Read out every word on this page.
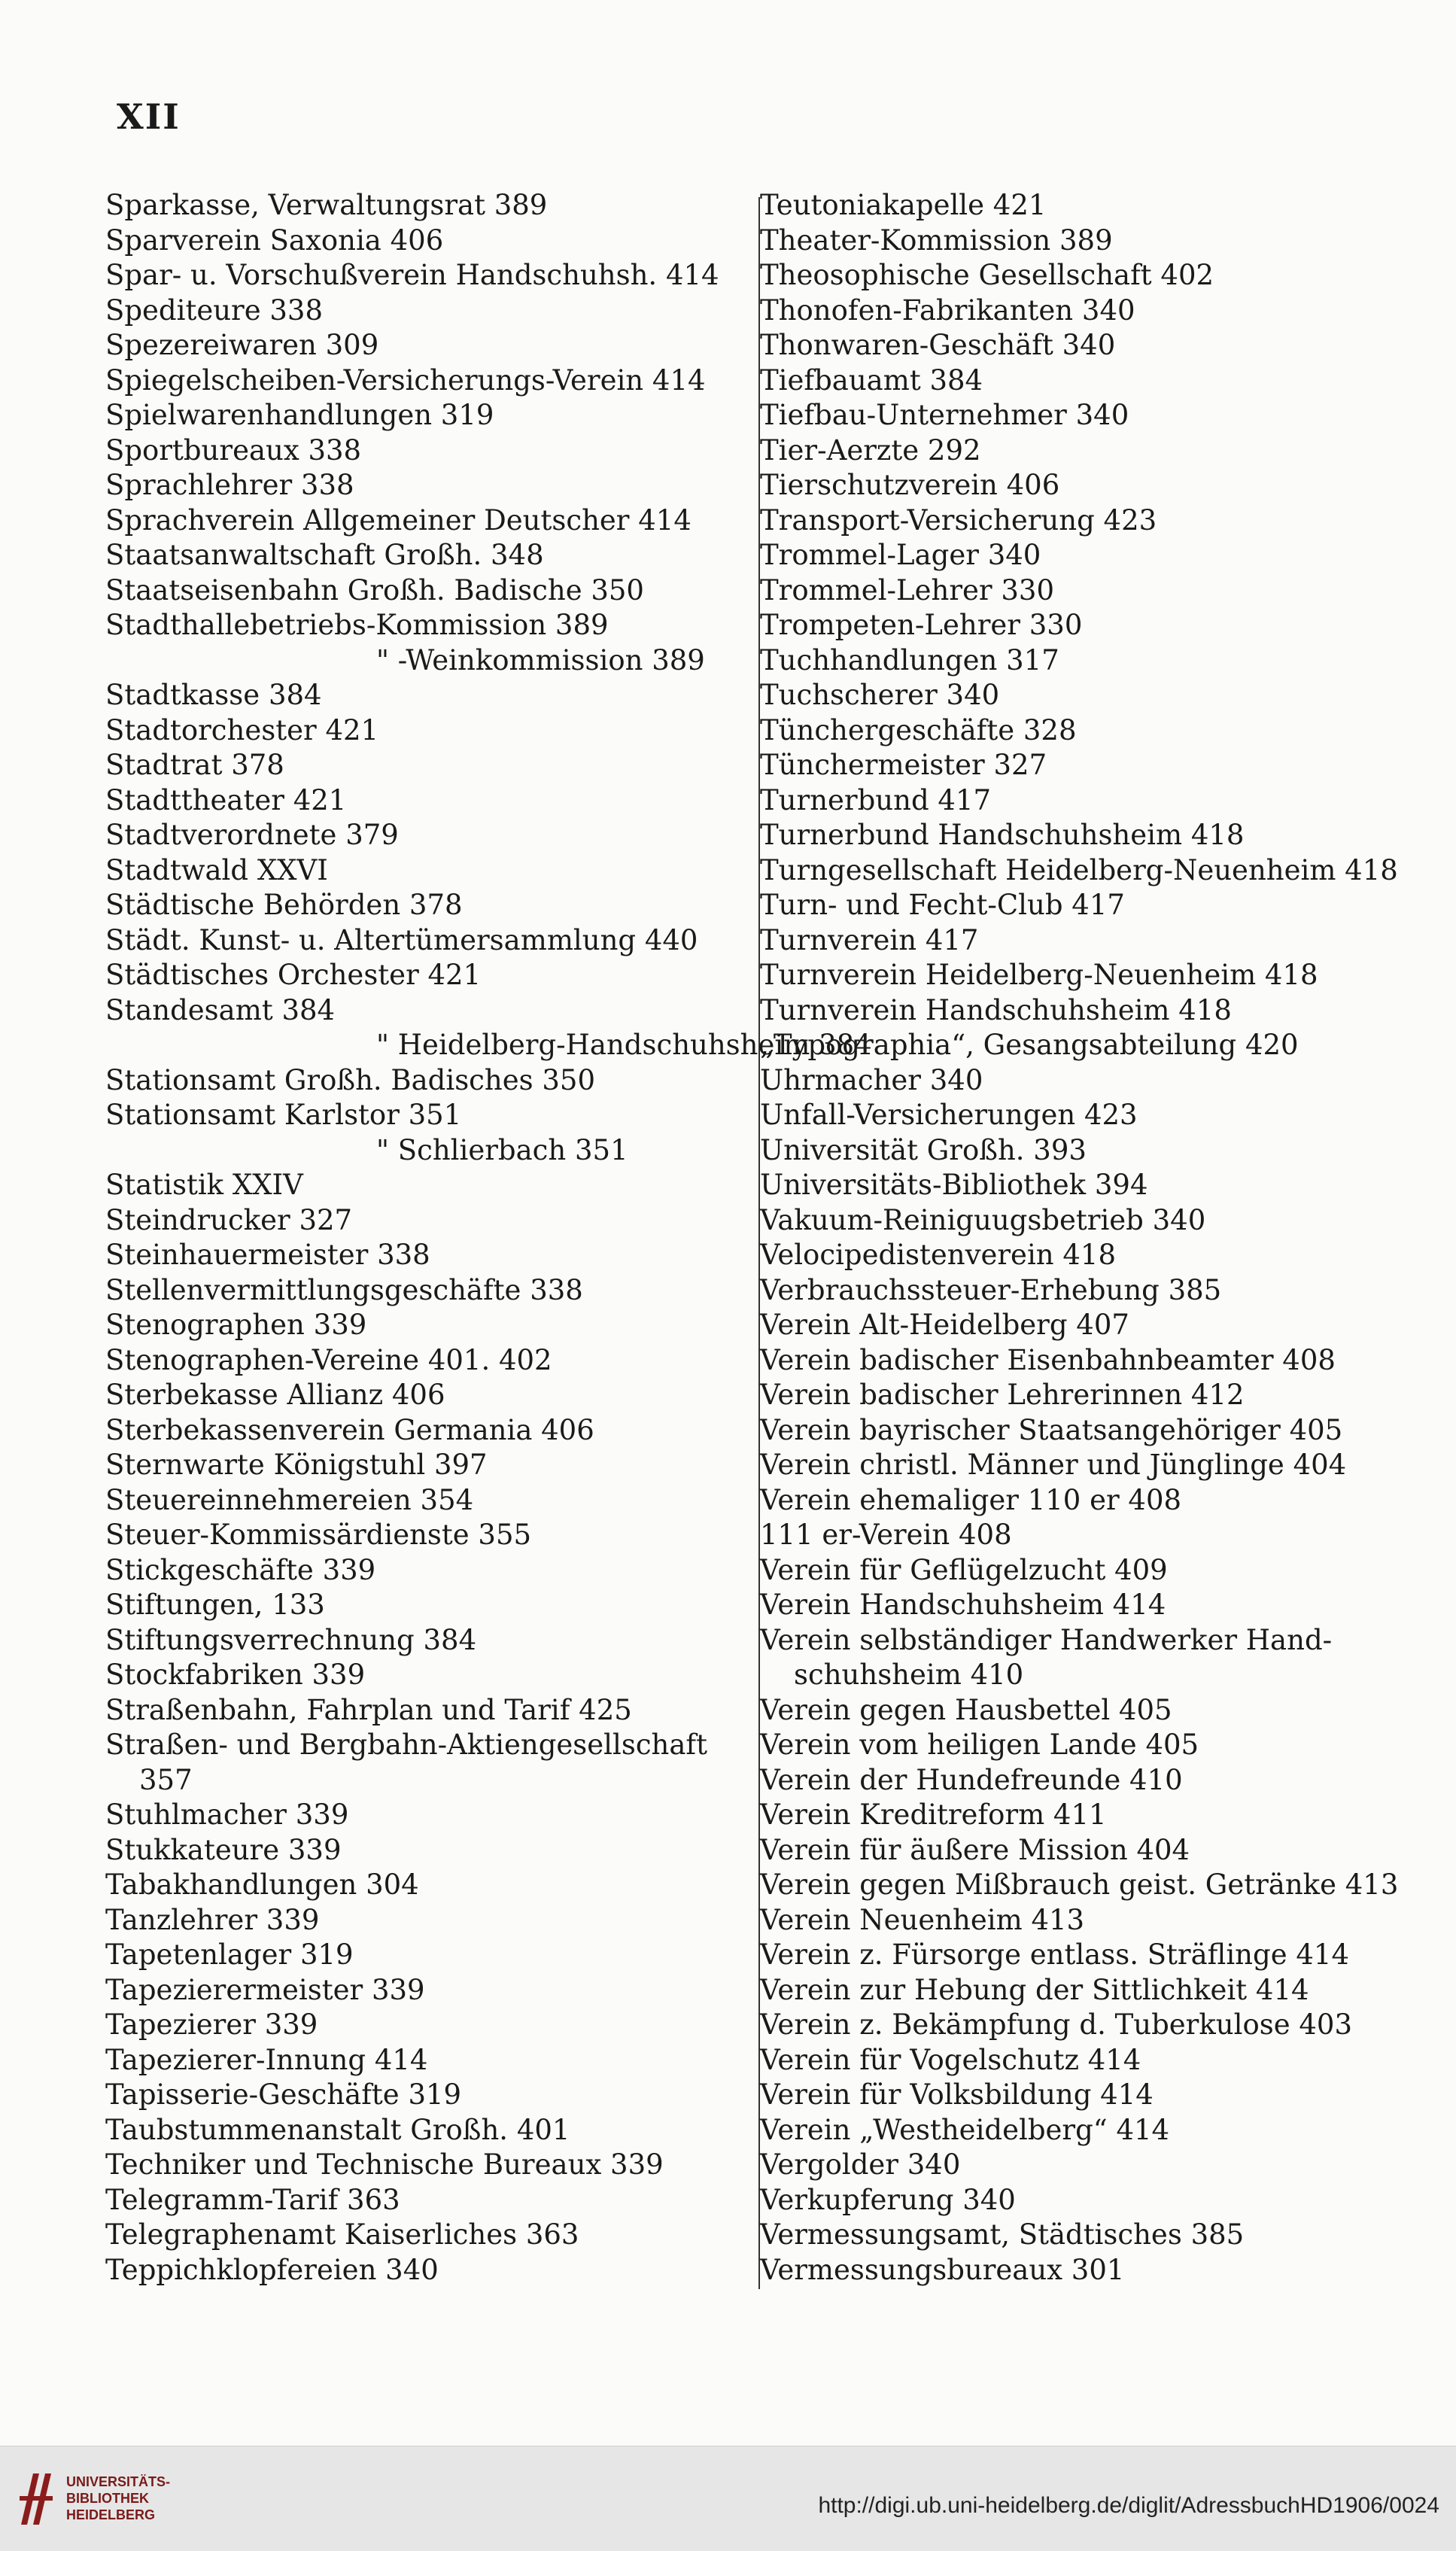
XII
Sparkasse, Verwaltungsrat 389
Sparverein Saxonia 406
Spar- u. Vorschußverein Handschuhsh. 414
Spediteure 338
Spezereiwaren 309
Spiegelscheiben-Versicherungs-Verein 414
Spielwarenhandlungen 319
Sportbureaux 338
Sprachlehrer 338
Sprachverein Allgemeiner Deutscher 414
Staatsanwaltschaft Großh. 348
Staatseisenbahn Großh. Badische 350
Stadthallebetriebs-Kommission 389
" -Weinkommission 389
Stadtkasse 384
Stadtorchester 421
Stadtrat 378
Stadttheater 421
Stadtverordnete 379
Stadtwald XXVI
Städtische Behörden 378
Städt. Kunst- u. Altertümersammlung 440
Städtisches Orchester 421
Standesamt 384
" Heidelberg-Handschuhsheim 384
Stationsamt Großh. Badisches 350
Stationsamt Karlstor 351
" Schlierbach 351
Statistik XXIV
Steindrucker 327
Steinhauermeister 338
Stellenvermittlungsgeschäfte 338
Stenographen 339
Stenographen-Vereine 401. 402
Sterbekasse Allianz 406
Sterbekassenverein Germania 406
Sternwarte Königstuhl 397
Steuereinnehmereien 354
Steuer-Kommissärdienste 355
Stickgeschäfte 339
Stiftungen, 133
Stiftungsverrechnung 384
Stockfabriken 339
Straßenbahn, Fahrplan und Tarif 425
Straßen- und Bergbahn-Aktiengesellschaft
357
Stuhlmacher 339
Stukkateure 339
Tabakhandlungen 304
Tanzlehrer 339
Tapetenlager 319
Tapezierermeister 339
Tapezierer 339
Tapezierer-Innung 414
Tapisserie-Geschäfte 319
Taubstummenanstalt Großh. 401
Techniker und Technische Bureaux 339
Telegramm-Tarif 363
Telegraphenamt Kaiserliches 363
Teppichklopfereien 340
Teutoniakapelle 421
Theater-Kommission 389
Theosophische Gesellschaft 402
Thonofen-Fabrikanten 340
Thonwaren-Geschäft 340
Tiefbauamt 384
Tiefbau-Unternehmer 340
Tier-Aerzte 292
Tierschutzverein 406
Transport-Versicherung 423
Trommel-Lager 340
Trommel-Lehrer 330
Trompeten-Lehrer 330
Tuchhandlungen 317
Tuchscherer 340
Tünchergeschäfte 328
Tünchermeister 327
Turnerbund 417
Turnerbund Handschuhsheim 418
Turngesellschaft Heidelberg-Neuenheim 418
Turn- und Fecht-Club 417
Turnverein 417
Turnverein Heidelberg-Neuenheim 418
Turnverein Handschuhsheim 418
„Typographia“, Gesangsabteilung 420
Uhrmacher 340
Unfall-Versicherungen 423
Universität Großh. 393
Universitäts-Bibliothek 394
Vakuum-Reiniguugsbetrieb 340
Velocipedistenverein 418
Verbrauchssteuer-Erhebung 385
Verein Alt-Heidelberg 407
Verein badischer Eisenbahnbeamter 408
Verein badischer Lehrerinnen 412
Verein bayrischer Staatsangehöriger 405
Verein christl. Männer und Jünglinge 404
Verein ehemaliger 110 er 408
111 er-Verein 408
Verein für Geflügelzucht 409
Verein Handschuhsheim 414
Verein selbständiger Handwerker Hand-
schuhsheim 410
Verein gegen Hausbettel 405
Verein vom heiligen Lande 405
Verein der Hundefreunde 410
Verein Kreditreform 411
Verein für äußere Mission 404
Verein gegen Mißbrauch geist. Getränke 413
Verein Neuenheim 413
Verein z. Fürsorge entlass. Sträflinge 414
Verein zur Hebung der Sittlichkeit 414
Verein z. Bekämpfung d. Tuberkulose 403
Verein für Vogelschutz 414
Verein für Volksbildung 414
Verein „Westheidelberg“ 414
Vergolder 340
Verkupferung 340
Vermessungsamt, Städtisches 385
Vermessungsbureaux 301
UNIVERSITÄTS-
BIBLIOTHEK
HEIDELBERG	http://digi.ub.uni-heidelberg.de/diglit/AdressbuchHD1906/0024
